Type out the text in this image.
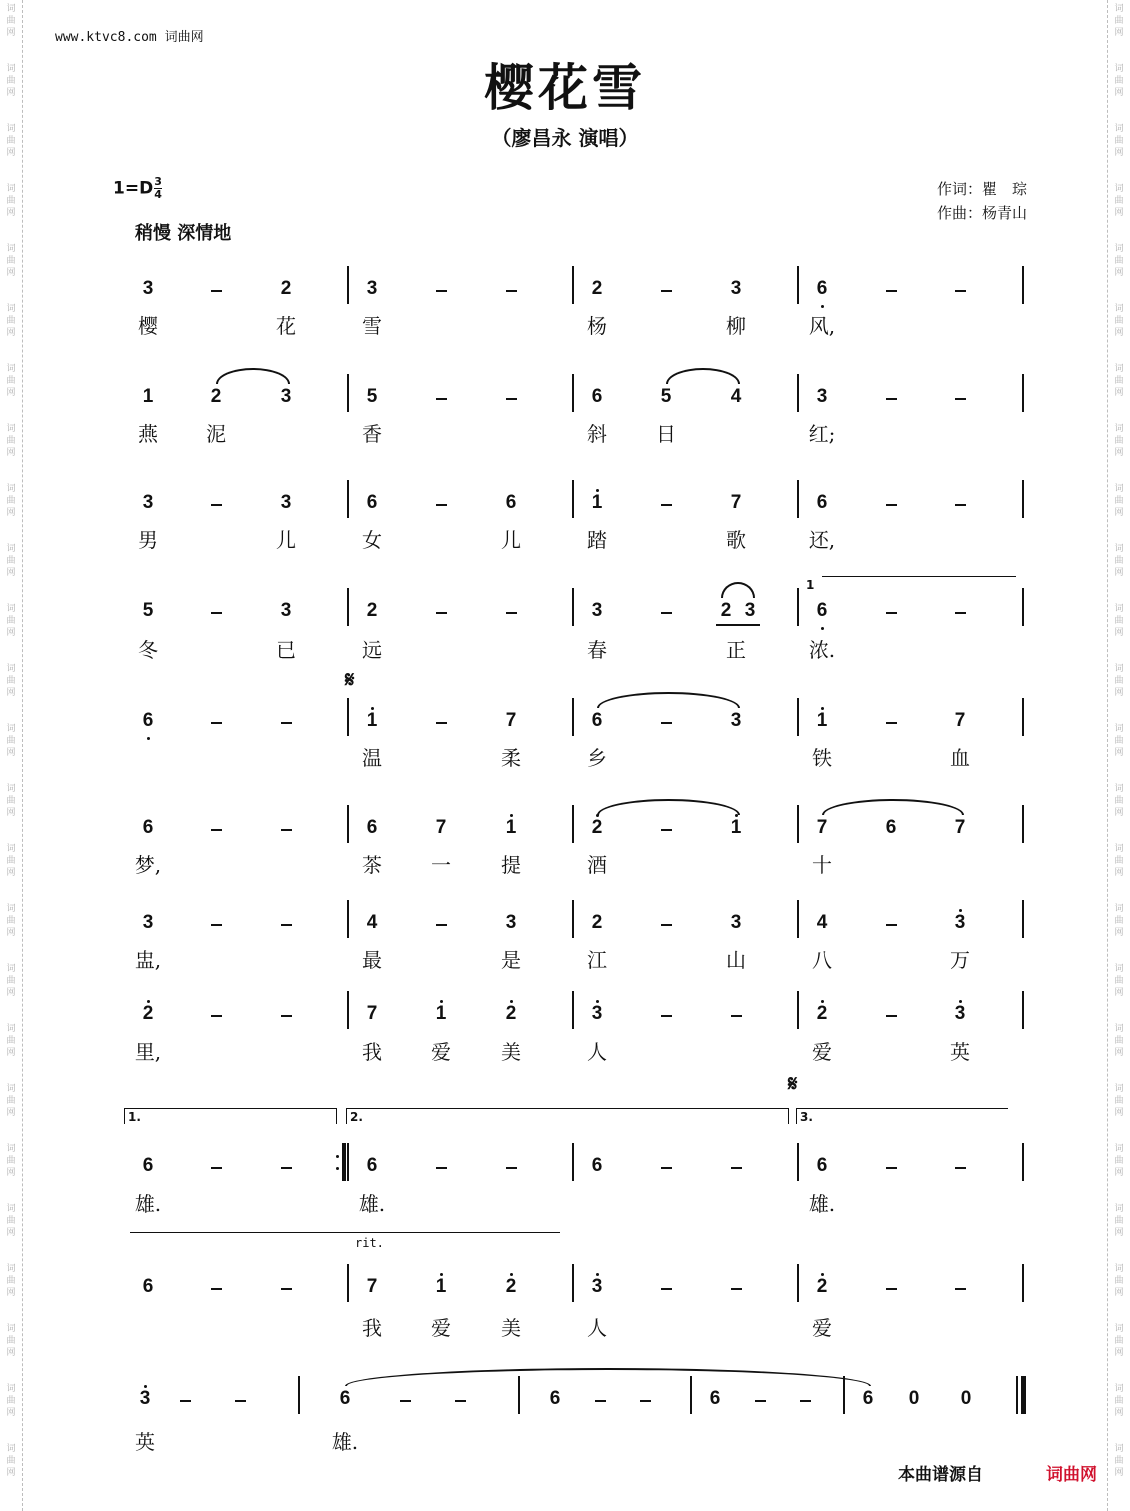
词
曲
网
词
曲
网
词
曲
网
词
曲
网
词
曲
网
词
曲
网
词
曲
网
词
曲
网
词
曲
网
词
曲
网
词
曲
网
词
曲
网
词
曲
网
词
曲
网
词
曲
网
词
曲
网
词
曲
网
词
曲
网
词
曲
网
词
曲
网
词
曲
网
词
曲
网
词
曲
网
词
曲
网
词
曲
网
词
曲
网
词
曲
网
词
曲
网
词
曲
网
词
曲
网
词
曲
网
词
曲
网
词
曲
网
词
曲
网
词
曲
网
词
曲
网
词
曲
网
词
曲
网
词
曲
网
词
曲
网
词
曲
网
词
曲
网
词
曲
网
词
曲
网
词
曲
网
词
曲
网
词
曲
网
词
曲
网
词
曲
网
词
曲
网
www.ktvc8.com 词曲网
樱花雪
（廖昌永 演唱）
$1=D \frac{3}{4}$	作词：瞿　琮
作曲：杨青山
稍慢 深情地
3
樱
2
花
3
雪
2
杨
3
柳
6
风,
1
燕
2
泥
3	5
香
6
斜
5
日
4	3
红;
3
男
3
儿
6
女
6
儿
1
踏
7
歌
6
还,
5
冬
3
已
2
远
3
春
2 3
正
6
浓.
6	1
温
7
柔
6
乡
3	1
铁
7
血
6
梦,
6
茶
7
一
1
提
2
酒
1	7
十
6	7
3
盅,
4
最
3
是
2
江
3
山
4
八
3
万
2
里,
7
我
1
爱
2
美
3
人
2
爱
3
英
6
雄.
6
雄.
6	6
雄.
6	7
我
1
爱
2
美
3
人
2
爱
1
𝄋
𝄋
1.	2.	3.
rit.
3
英
6
雄.
6	6	6	0	0
本曲谱源自	词曲网
